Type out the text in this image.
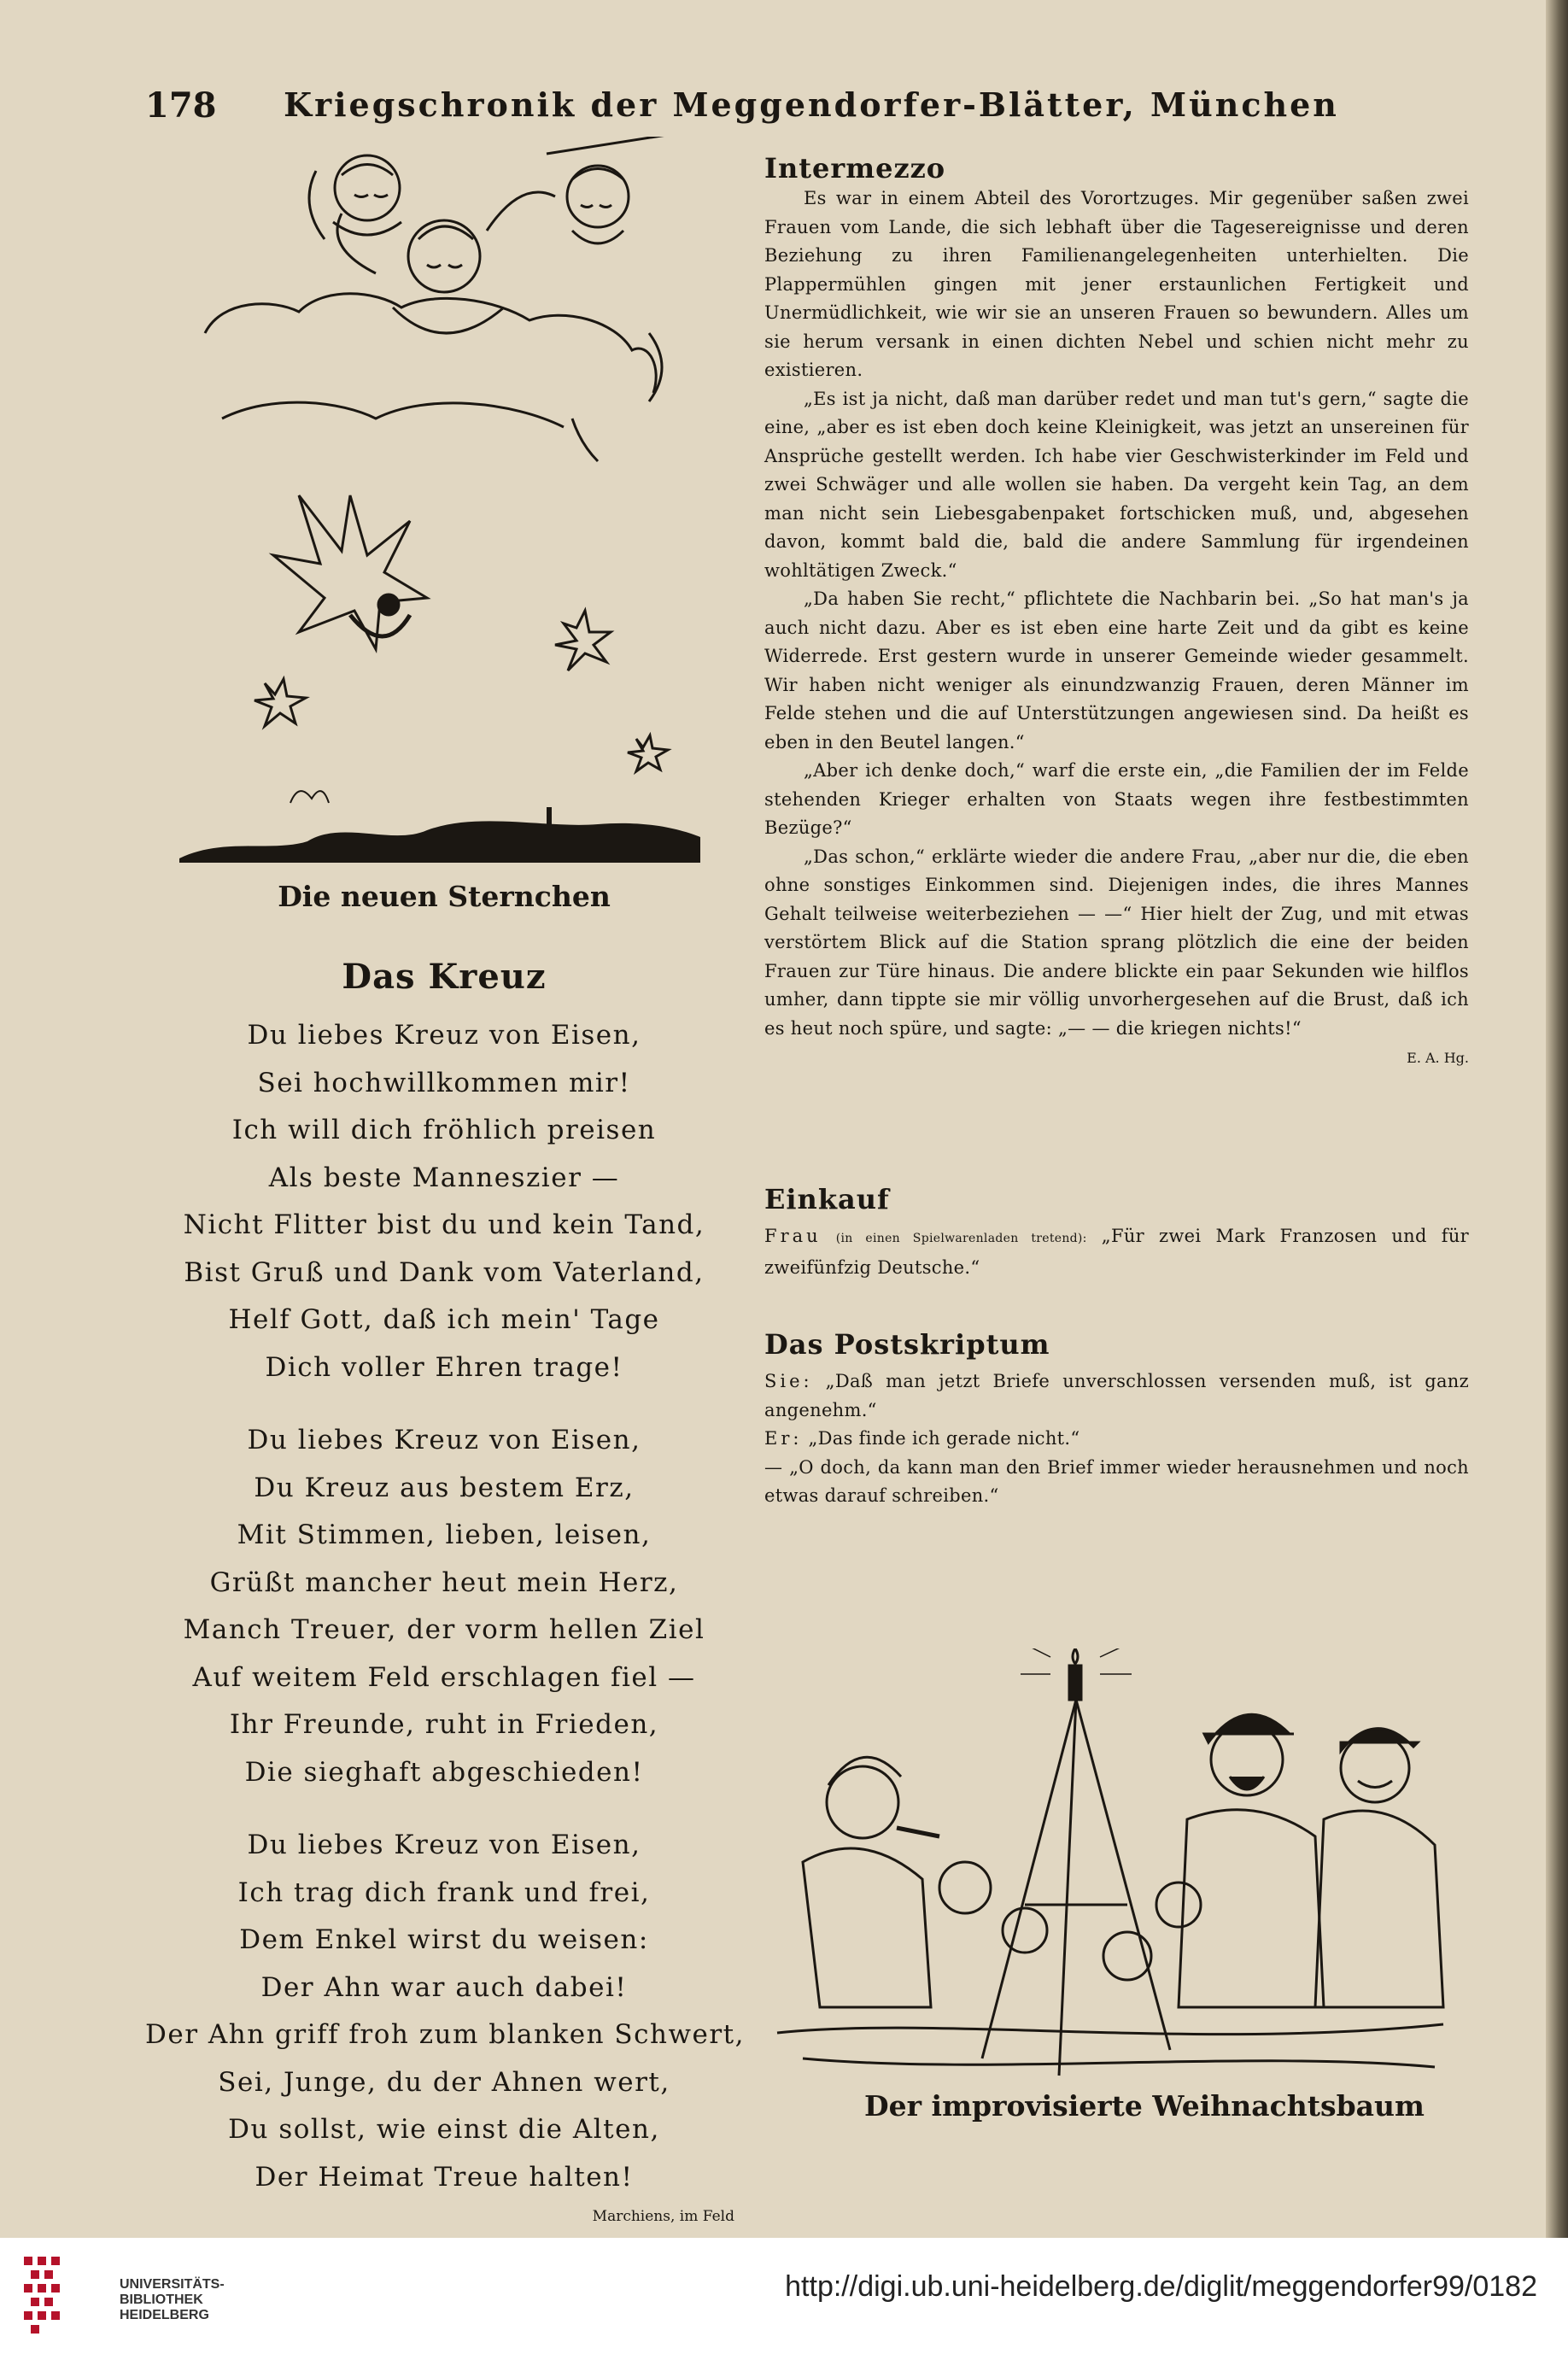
178	Kriegschronik der Meggendorfer-Blätter, München
Die neuen Sternchen
Das Kreuz
Du liebes Kreuz von Eisen,
Sei hochwillkommen mir!
Ich will dich fröhlich preisen
Als beste Manneszier —
Nicht Flitter bist du und kein Tand,
Bist Gruß und Dank vom Vaterland,
Helf Gott, daß ich mein' Tage
Dich voller Ehren trage!
Du liebes Kreuz von Eisen,
Du Kreuz aus bestem Erz,
Mit Stimmen, lieben, leisen,
Grüßt mancher heut mein Herz,
Manch Treuer, der vorm hellen Ziel
Auf weitem Feld erschlagen fiel —
Ihr Freunde, ruht in Frieden,
Die sieghaft abgeschieden!
Du liebes Kreuz von Eisen,
Ich trag dich frank und frei,
Dem Enkel wirst du weisen:
Der Ahn war auch dabei!
Der Ahn griff froh zum blanken Schwert,
Sei, Junge, du der Ahnen wert,
Du sollst, wie einst die Alten,
Der Heimat Treue halten!
Marchiens, im Feld
Intermezzo

Es war in einem Abteil des Vorortzuges. Mir gegenüber saßen zwei Frauen vom Lande, die sich lebhaft über die Tagesereignisse und deren Beziehung zu ihren Familienangelegenheiten unterhielten. Die Plappermühlen gingen mit jener erstaunlichen Fertigkeit und Unermüdlichkeit, wie wir sie an unseren Frauen so bewundern. Alles um sie herum versank in einen dichten Nebel und schien nicht mehr zu existieren.

„Es ist ja nicht, daß man darüber redet und man tut's gern,“ sagte die eine, „aber es ist eben doch keine Kleinigkeit, was jetzt an unsereinen für Ansprüche gestellt werden. Ich habe vier Geschwisterkinder im Feld und zwei Schwäger und alle wollen sie haben. Da vergeht kein Tag, an dem man nicht sein Liebesgabenpaket fortschicken muß, und, abgesehen davon, kommt bald die, bald die andere Sammlung für irgendeinen wohltätigen Zweck.“

„Da haben Sie recht,“ pflichtete die Nachbarin bei. „So hat man's ja auch nicht dazu. Aber es ist eben eine harte Zeit und da gibt es keine Widerrede. Erst gestern wurde in unserer Gemeinde wieder gesammelt. Wir haben nicht weniger als einundzwanzig Frauen, deren Männer im Felde stehen und die auf Unterstützungen angewiesen sind. Da heißt es eben in den Beutel langen.“

„Aber ich denke doch,“ warf die erste ein, „die Familien der im Felde stehenden Krieger erhalten von Staats wegen ihre festbestimmten Bezüge?“

„Das schon,“ erklärte wieder die andere Frau, „aber nur die, die eben ohne sonstiges Einkommen sind. Diejenigen indes, die ihres Mannes Gehalt teilweise weiterbeziehen — —“ Hier hielt der Zug, und mit etwas verstörtem Blick auf die Station sprang plötzlich die eine der beiden Frauen zur Türe hinaus. Die andere blickte ein paar Sekunden wie hilflos umher, dann tippte sie mir völlig unvorhergesehen auf die Brust, daß ich es heut noch spüre, und sagte: „— — die kriegen nichts!“

E. A. Hg.
Einkauf

Frau (in einen Spielwarenladen tretend): „Für zwei Mark Franzosen und für zweifünfzig Deutsche.“

Das Postskriptum

Sie: „Daß man jetzt Briefe unverschlossen versenden muß, ist ganz angenehm.“

Er: „Das finde ich gerade nicht.“

— „O doch, da kann man den Brief immer wieder herausnehmen und noch etwas darauf schreiben.“

Der improvisierte Weihnachtsbaum
UNIVERSITÄTS-
BIBLIOTHEK
HEIDELBERG
http://digi.ub.uni-heidelberg.de/diglit/meggendorfer99/0182
